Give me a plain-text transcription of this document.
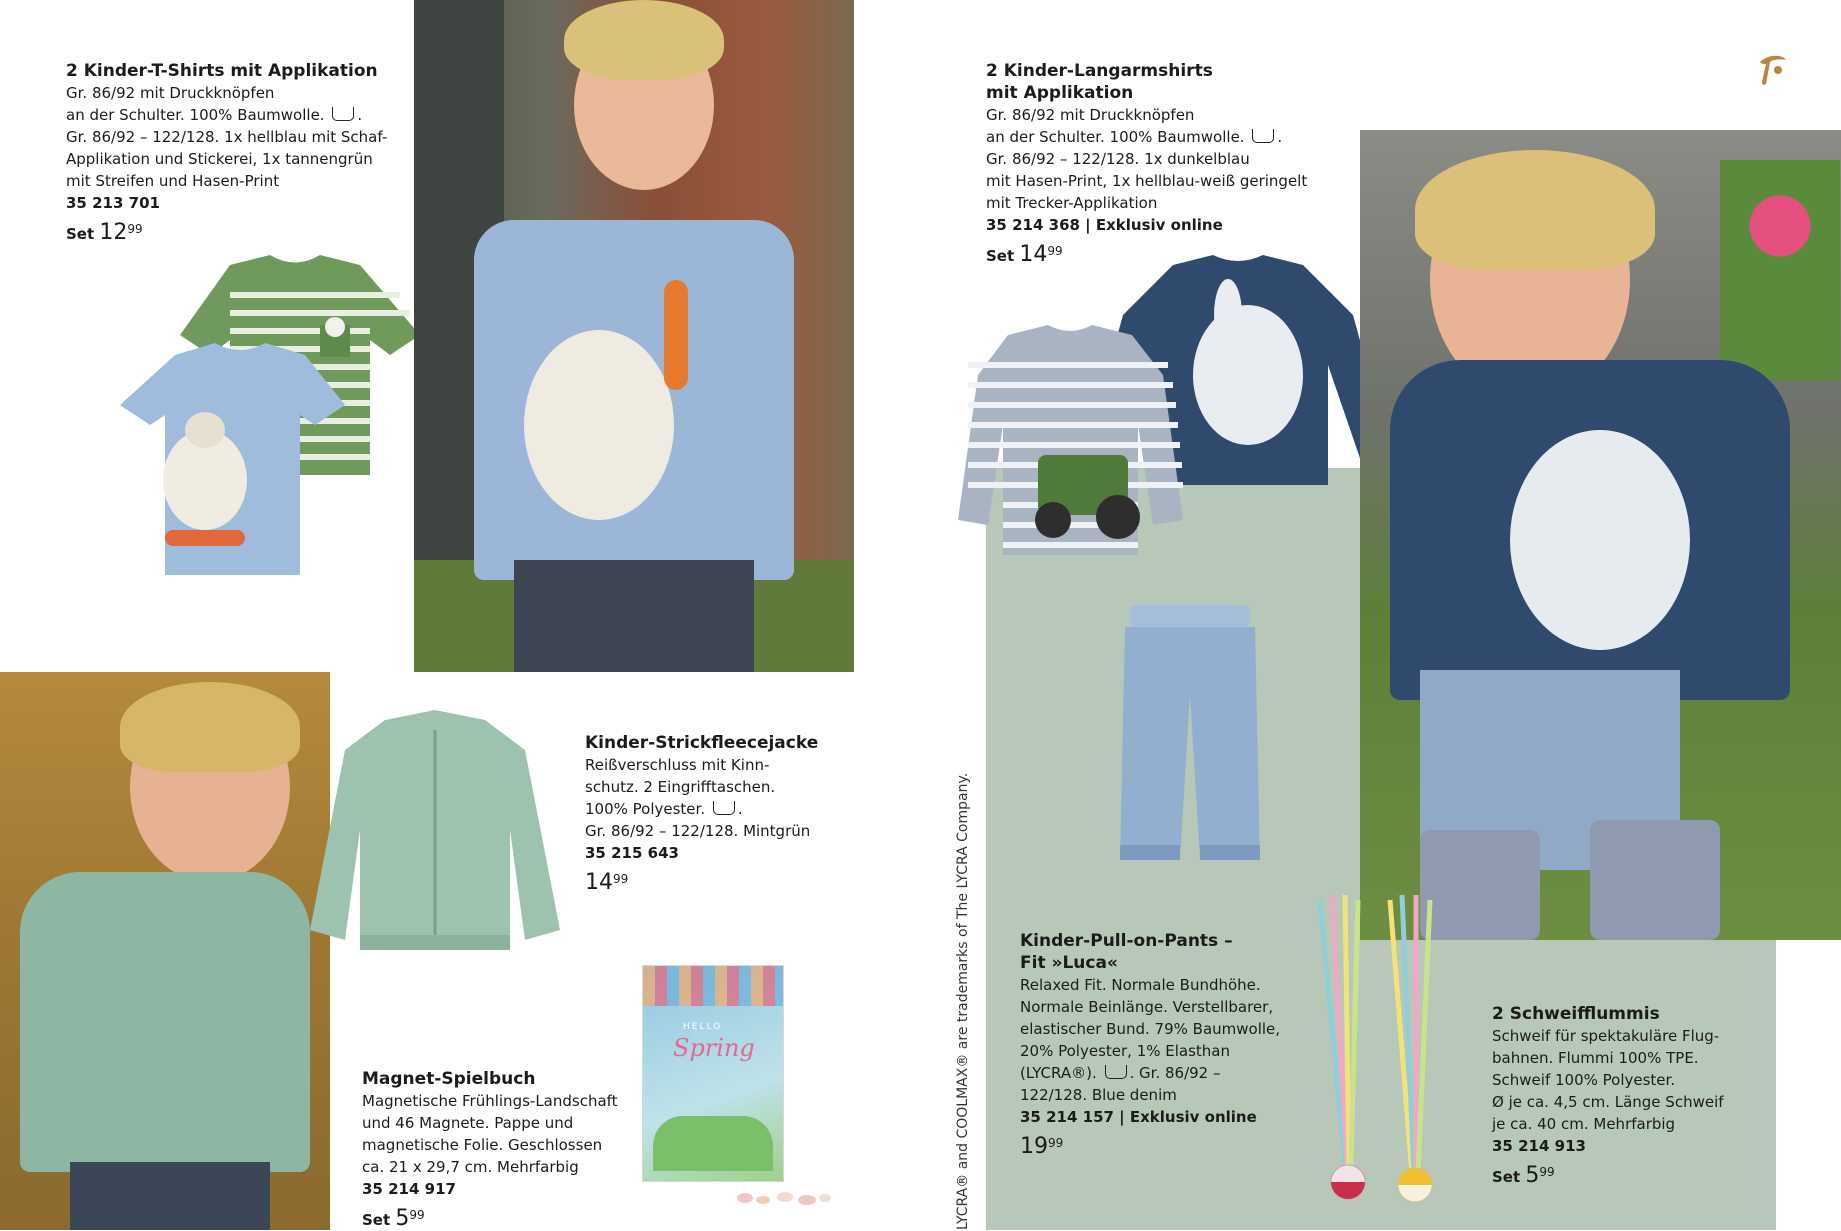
2 Kinder-T-Shirts mit Applikation
Gr. 86/92 mit Druckknöpfen
an der Schulter. 100% Baumwolle. .
Gr. 86/92 – 122/128. 1x hellblau mit Schaf-
Applikation und Stickerei, 1x tannengrün
mit Streifen und Hasen-Print
35 213 701
Set $12^{99}$
Kinder-Strickfleecejacke
Reißverschluss mit Kinn-
schutz. 2 Eingrifftaschen.
100% Polyester. .
Gr. 86/92 – 122/128. Mintgrün
35 215 643
$14^{99}$
Magnet-Spielbuch
Magnetische Frühlings-Landschaft
und 46 Magnete. Pappe und
magnetische Folie. Geschlossen
ca. 21 x 29,7 cm. Mehrfarbig
35 214 917
Set $5^{99}$
HELLO
Spring	LYCRA® and COOLMAX® are trademarks of The LYCRA Company.
2 Kinder-Langarmshirts
mit Applikation
Gr. 86/92 mit Druckknöpfen
an der Schulter. 100% Baumwolle. .
Gr. 86/92 – 122/128. 1x dunkelblau
mit Hasen-Print, 1x hellblau-weiß geringelt
mit Trecker-Applikation
35 214 368 | Exklusiv online
Set $14^{99}$
Kinder-Pull-on-Pants –
Fit »Luca«
Relaxed Fit. Normale Bundhöhe.
Normale Beinlänge. Verstellbarer,
elastischer Bund. 79% Baumwolle,
20% Polyester, 1% Elasthan
(LYCRA®). . Gr. 86/92 –
122/128. Blue denim
35 214 157 | Exklusiv online
$19^{99}$
2 Schweifflummis
Schweif für spektakuläre Flug-
bahnen. Flummi 100% TPE.
Schweif 100% Polyester.
Ø je ca. 4,5 cm. Länge Schweif
je ca. 40 cm. Mehrfarbig
35 214 913
Set $5^{99}$
